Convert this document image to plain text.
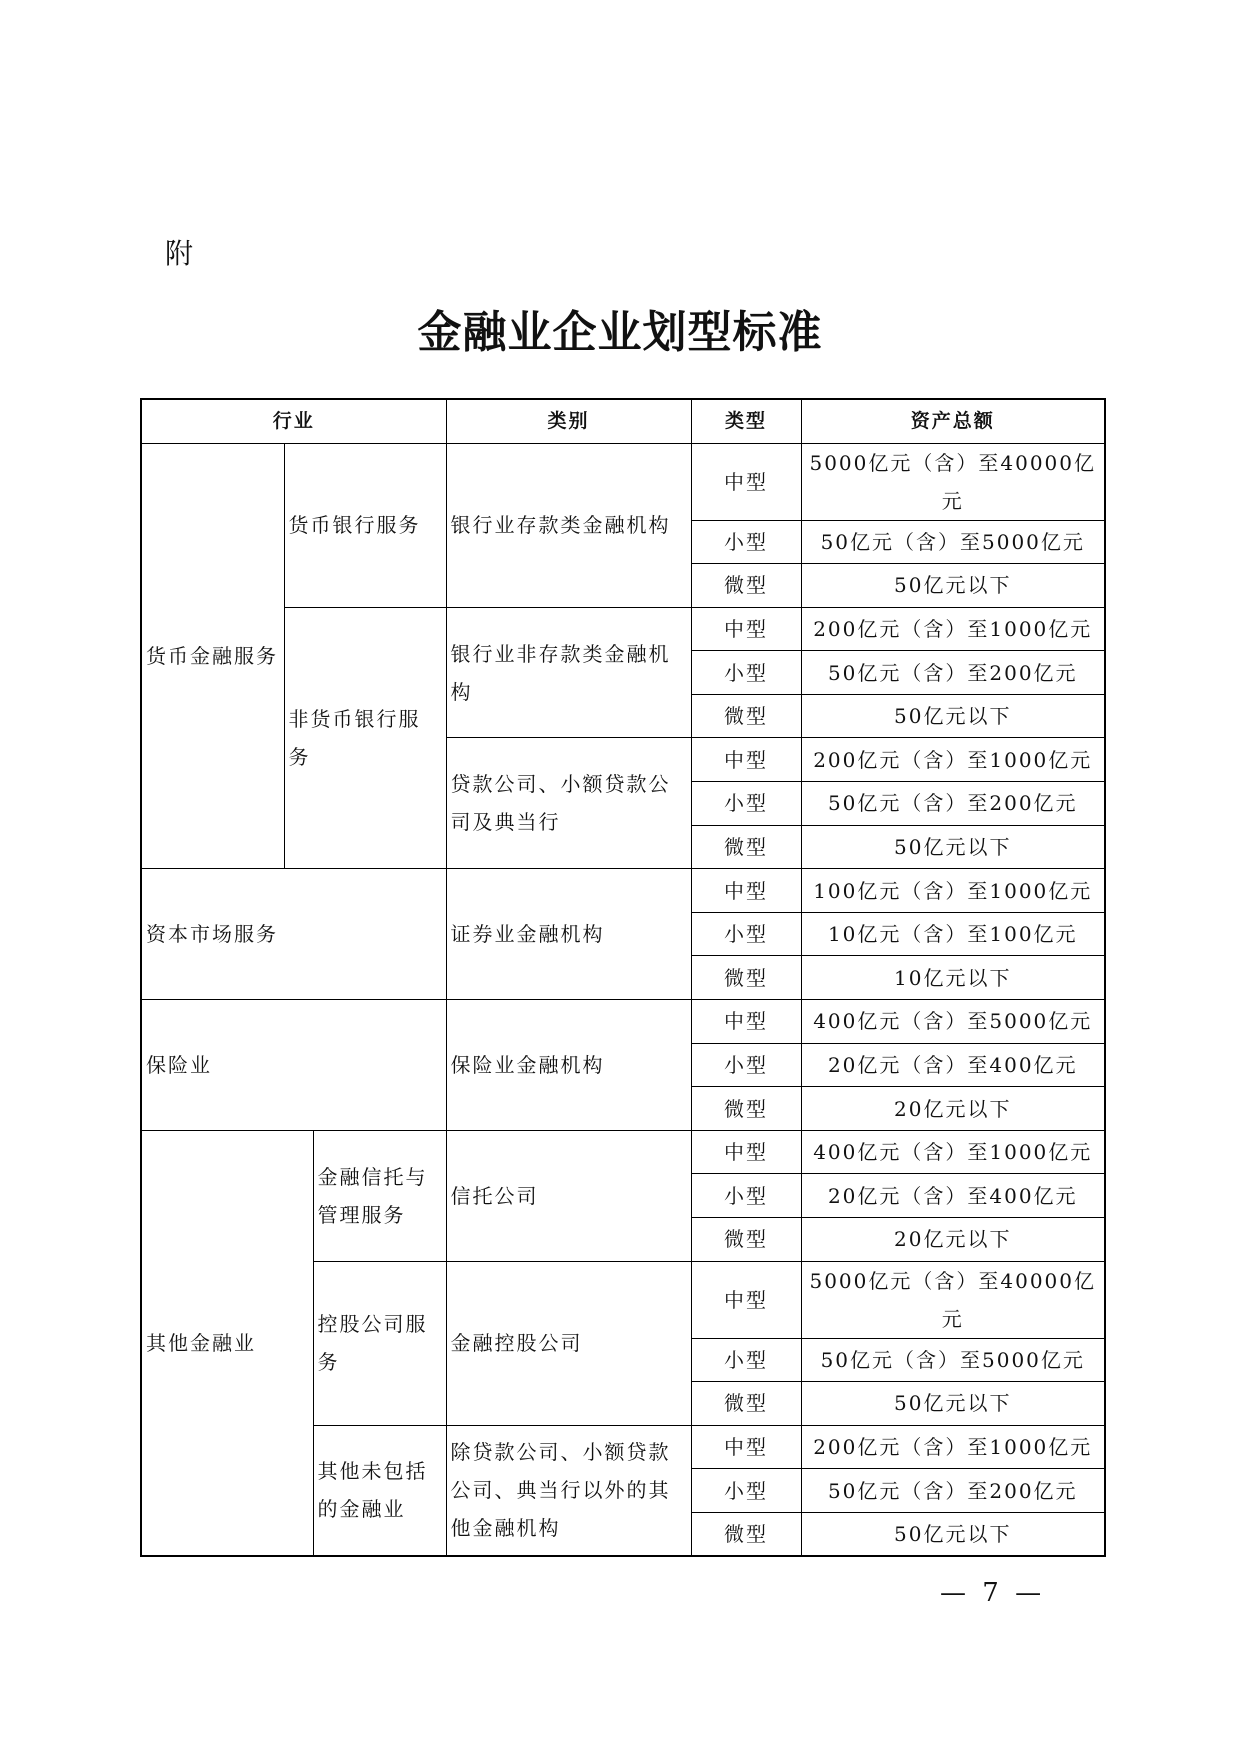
附
金融业企业划型标准
行业			类别	类型	资产总额
货币金融服务	货币银行服务		银行业存款类金融机构	中型	5000亿元（含）至40000亿元
				小型	50亿元（含）至5000亿元
				微型	50亿元以下
	非货币银行服务		银行业非存款类金融机构	中型	200亿元（含）至1000亿元
				小型	50亿元（含）至200亿元
				微型	50亿元以下
			贷款公司、小额贷款公司及典当行	中型	200亿元（含）至1000亿元
				小型	50亿元（含）至200亿元
				微型	50亿元以下
资本市场服务			证券业金融机构	中型	100亿元（含）至1000亿元
				小型	10亿元（含）至100亿元
				微型	10亿元以下
保险业			保险业金融机构	中型	400亿元（含）至5000亿元
				小型	20亿元（含）至400亿元
				微型	20亿元以下
其他金融业		金融信托与管理服务	信托公司	中型	400亿元（含）至1000亿元
				小型	20亿元（含）至400亿元
				微型	20亿元以下
		控股公司服务	金融控股公司	中型	5000亿元（含）至40000亿元
				小型	50亿元（含）至5000亿元
				微型	50亿元以下
		其他未包括的金融业	除贷款公司、小额贷款公司、典当行以外的其他金融机构	中型	200亿元（含）至1000亿元
				小型	50亿元（含）至200亿元
				微型	50亿元以下
— 7 —
